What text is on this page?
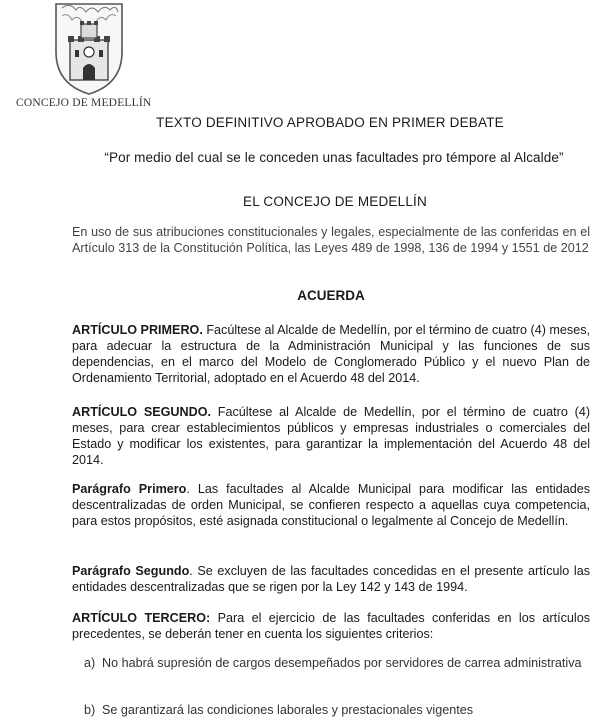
CONCEJO DE MEDELLÍN

TEXTO DEFINITIVO APROBADO EN PRIMER DEBATE

“Por medio del cual se le conceden unas facultades pro témpore al Alcalde”

EL CONCEJO DE MEDELLÍN

En uso de sus atribuciones constitucionales y legales, especialmente de las conferidas en el Artículo 313 de la Constitución Política, las Leyes 489 de 1998, 136 de 1994 y 1551 de 2012

ACUERDA

ARTÍCULO PRIMERO. Facúltese al Alcalde de Medellín, por el término de cuatro (4) meses, para adecuar la estructura de la Administración Municipal y las funciones de sus dependencias, en el marco del Modelo de Conglomerado Público y el nuevo Plan de Ordenamiento Territorial, adoptado en el Acuerdo 48 del 2014.

ARTÍCULO SEGUNDO. Facúltese al Alcalde de Medellín, por el término de cuatro (4) meses, para crear establecimientos públicos y empresas industriales o comerciales del Estado y modificar los existentes, para garantizar la implementación del Acuerdo 48 del 2014.

Parágrafo Primero. Las facultades al Alcalde Municipal para modificar las entidades descentralizadas de orden Municipal, se confieren respecto a aquellas cuya competencia, para estos propósitos, esté asignada constitucional o legalmente al Concejo de Medellín.

Parágrafo Segundo. Se excluyen de las facultades concedidas en el presente artículo las entidades descentralizadas que se rigen por la Ley 142 y 143 de 1994.

ARTÍCULO TERCERO: Para el ejercicio de las facultades conferidas en los artículos precedentes, se deberán tener en cuenta los siguientes criterios:

a) No habrá supresión de cargos desempeñados por servidores de carrea administrativa
b) Se garantizará las condiciones laborales y prestacionales vigentes
